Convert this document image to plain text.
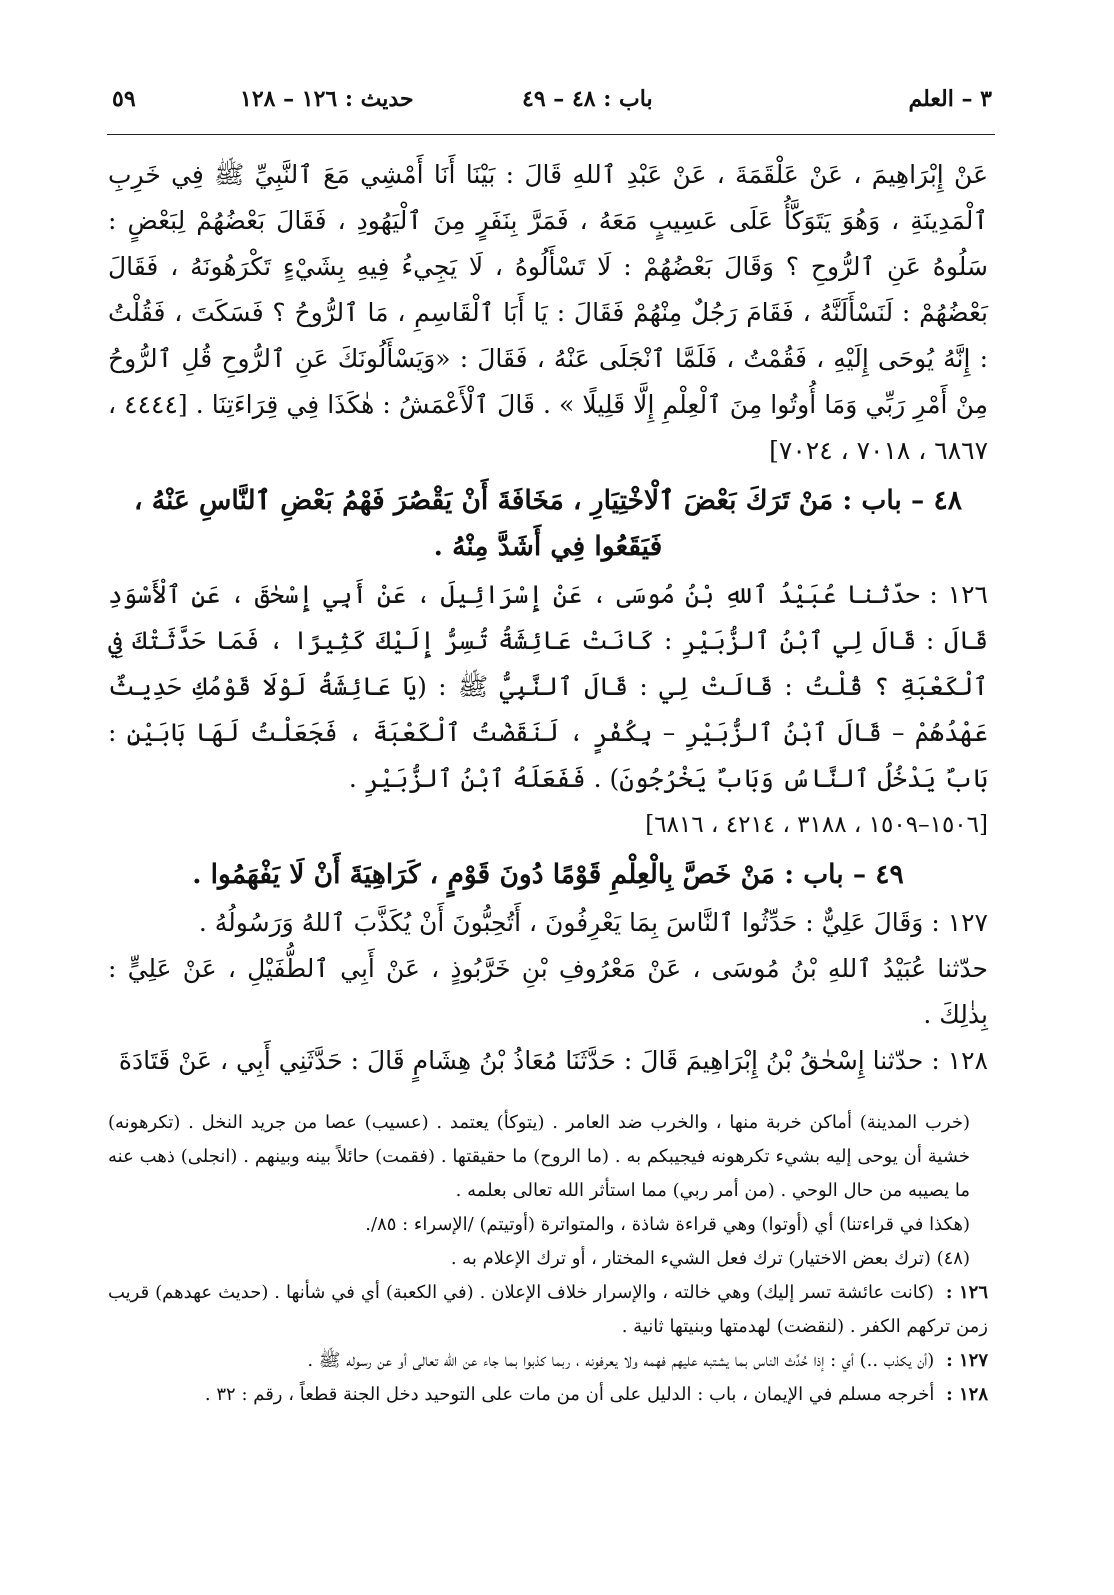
٣ – العلم
باب : ٤٨ – ٤٩
حديث : ١٢٦ – ١٢٨
٥٩

عَنْ إِبْرَاهِيمَ ، عَنْ عَلْقَمَةَ ، عَنْ عَبْدِ ٱللهِ قَالَ : بَيْنَا أَنَا أَمْشِي مَعَ ٱلنَّبِيِّ ﷺ فِي خَرِبِ ٱلْمَدِينَةِ ، وَهُوَ يَتَوَكَّأُ عَلَى عَسِيبٍ مَعَهُ ، فَمَرَّ بِنَفَرٍ مِنَ ٱلْيَهُودِ ، فَقَالَ بَعْضُهُمْ لِبَعْضٍ : سَلُوهُ عَنِ ٱلرُّوحِ ؟ وَقَالَ بَعْضُهُمْ : لَا تَسْأَلُوهُ ، لَا يَجِيءُ فِيهِ بِشَيْءٍ تَكْرَهُونَهُ ، فَقَالَ بَعْضُهُمْ : لَنَسْأَلَنَّهُ ، فَقَامَ رَجُلٌ مِنْهُمْ فَقَالَ : يَا أَبَا ٱلْقَاسِمِ ، مَا ٱلرُّوحُ ؟ فَسَكَتَ ، فَقُلْتُ : إِنَّهُ يُوحَى إِلَيْهِ ، فَقُمْتُ ، فَلَمَّا ٱنْجَلَى عَنْهُ ، فَقَالَ : «وَيَسْأَلُونَكَ عَنِ ٱلرُّوحِ قُلِ ٱلرُّوحُ مِنْ أَمْرِ رَبِّي وَمَا أُوتُوا مِنَ ٱلْعِلْمِ إِلَّا قَلِيلًا » . قَالَ ٱلْأَعْمَشُ : هٰكَذَا فِي قِرَاءَتِنَا . [٤٤٤٤ ، ٦٨٦٧ ، ٧٠١٨ ، ٧٠٢٤]

٤٨ – باب : مَنْ تَرَكَ بَعْضَ ٱلْاخْتِيَارِ ، مَخَافَةَ أَنْ يَقْصُرَ فَهْمُ بَعْضِ ٱلنَّاسِ عَنْهُ ،
فَيَقَعُوا فِي أَشَدَّ مِنْهُ .

١٢٦ : حدّثنا عُبَيْدُ ٱللهِ بْنُ مُوسَى ، عَنْ إِسْرَائِيلَ ، عَنْ أَبِي إِسْحٰقَ ، عَنِ ٱلْأَسْوَدِ قَالَ : قَالَ لِي ٱبْنُ ٱلزُّبَيْرِ : كَانَتْ عَائِشَةُ تُسِرُّ إِلَيْكَ كَثِيرًا ، فَمَا حَدَّثَتْكَ فِي ٱلْكَعْبَةِ ؟ قُلْتُ : قَالَتْ لِي : قَالَ ٱلنَّبِيُّ ﷺ : (يَا عَائِشَةُ لَوْلَا قَوْمُكِ حَدِيثٌ عَهْدُهُمْ – قَالَ ٱبْنُ ٱلزُّبَيْرِ – بِكُفْرٍ ، لَنَقَضْتُ ٱلْكَعْبَةَ ، فَجَعَلْتُ لَهَا بَابَيْنِ : بَابٌ يَدْخُلُ ٱلنَّاسُ وَبَابٌ يَخْرُجُونَ) . فَفَعَلَهُ ٱبْنُ ٱلزُّبَيْرِ .

[١٥٠٦–١٥٠٩ ، ٣١٨٨ ، ٤٢١٤ ، ٦٨١٦]

٤٩ – باب : مَنْ خَصَّ بِالْعِلْمِ قَوْمًا دُونَ قَوْمٍ ، كَرَاهِيَةَ أَنْ لَا يَفْهَمُوا .

١٢٧ : وَقَالَ عَلِيٌّ : حَدِّثُوا ٱلنَّاسَ بِمَا يَعْرِفُونَ ، أَتُحِبُّونَ أَنْ يُكَذَّبَ ٱللهُ وَرَسُولُهُ .

حدّثنا عُبَيْدُ ٱللهِ بْنُ مُوسَى ، عَنْ مَعْرُوفِ بْنِ خَرَّبُوذٍ ، عَنْ أَبِي ٱلطُّفَيْلِ ، عَنْ عَلِيٍّ : بِذٰلِكَ .

١٢٨ : حدّثنا إِسْحٰقُ بْنُ إِبْرَاهِيمَ قَالَ : حَدَّثَنَا مُعَاذُ بْنُ هِشَامٍ قَالَ : حَدَّثَنِي أَبِي ، عَنْ قَتَادَةَ

(خرب المدينة) أماكن خربة منها ، والخرب ضد العامر . (يتوكأ) يعتمد . (عسيب) عصا من جريد النخل . (تكرهونه) خشية أن يوحى إليه بشيء تكرهونه فيجيبكم به . (ما الروح) ما حقيقتها . (فقمت) حائلاً بينه وبينهم . (انجلى) ذهب عنه ما يصيبه من حال الوحي . (من أمر ربي) مما استأثر الله تعالى بعلمه .

(هكذا في قراءتنا) أي (أوتوا) وهي قراءة شاذة ، والمتواترة (أوتيتم) /الإسراء : ٨٥/.

(٤٨) (ترك بعض الاختيار) ترك فعل الشيء المختار ، أو ترك الإعلام به .

١٢٦ : (كانت عائشة تسر إليك) وهي خالته ، والإسرار خلاف الإعلان . (في الكعبة) أي في شأنها . (حديث عهدهم) قريب زمن تركهم الكفر . (لنقضت) لهدمتها وبنيتها ثانية .

١٢٧ : (أن يكذب ..) أي : إذا حُدِّث الناس بما يشتبه عليهم فهمه ولا يعرفونه ، ربما كذبوا بما جاء عن الله تعالى أو عن رسوله ﷺ .

١٢٨ : أخرجه مسلم في الإيمان ، باب : الدليل على أن من مات على التوحيد دخل الجنة قطعاً ، رقم : ٣٢ .
